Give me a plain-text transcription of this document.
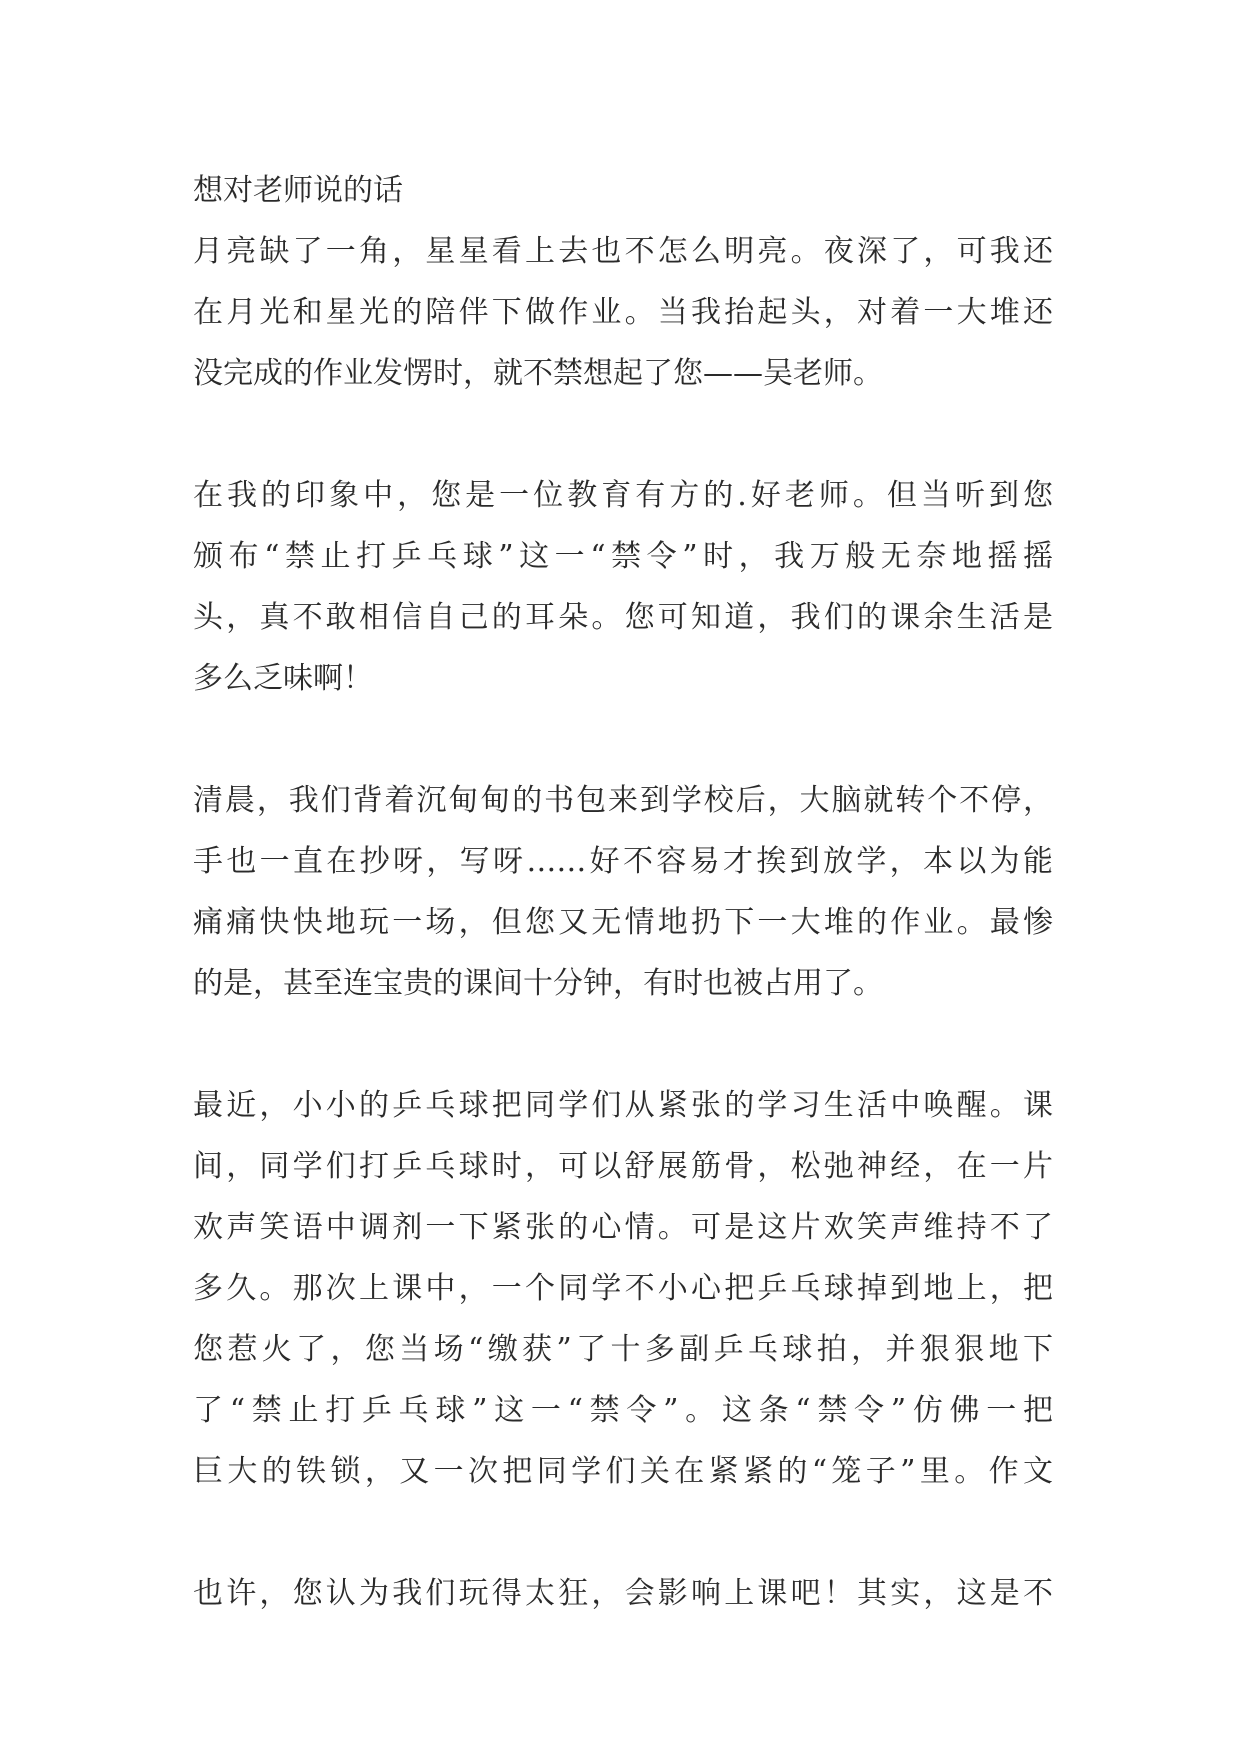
想对老师说的话
月亮缺了一角，星星看上去也不怎么明亮。夜深了，可我还
在月光和星光的陪伴下做作业。当我抬起头，对着一大堆还
没完成的作业发愣时，就不禁想起了您——吴老师。
在我的印象中，您是一位教育有方的.好老师。但当听到您
颁布“禁止打乒乓球”这一“禁令”时，我万般无奈地摇摇
头，真不敢相信自己的耳朵。您可知道，我们的课余生活是
多么乏味啊！
清晨，我们背着沉甸甸的书包来到学校后，大脑就转个不停，
手也一直在抄呀，写呀……好不容易才挨到放学，本以为能
痛痛快快地玩一场，但您又无情地扔下一大堆的作业。最惨
的是，甚至连宝贵的课间十分钟，有时也被占用了。
最近，小小的乒乓球把同学们从紧张的学习生活中唤醒。课
间，同学们打乒乓球时，可以舒展筋骨，松弛神经，在一片
欢声笑语中调剂一下紧张的心情。可是这片欢笑声维持不了
多久。那次上课中，一个同学不小心把乒乓球掉到地上，把
您惹火了，您当场“缴获”了十多副乒乓球拍，并狠狠地下
了“禁止打乒乓球”这一“禁令”。这条“禁令”仿佛一把
巨大的铁锁，又一次把同学们关在紧紧的“笼子”里。作文
也许，您认为我们玩得太狂，会影响上课吧！其实，这是不
